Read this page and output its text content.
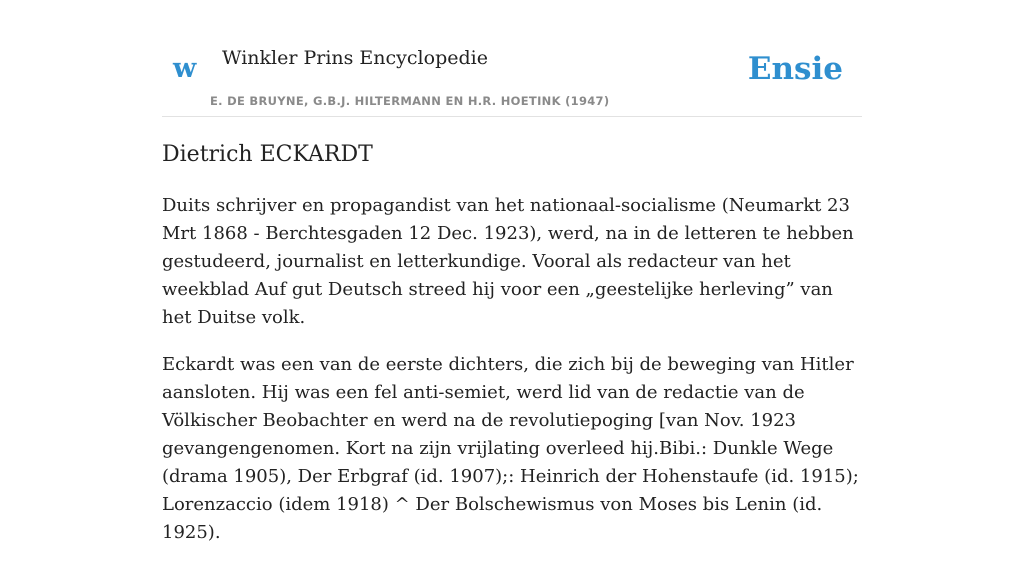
w Winkler Prins Encyclopedie
E. DE BRUYNE, G.B.J. HILTERMANN EN H.R. HOETINK (1947)
Ensie
Dietrich ECKARDT

Duits schrijver en propagandist van het nationaal-socialisme (Neumarkt 23 Mrt 1868 - Berchtesgaden 12 Dec. 1923), werd, na in de letteren te hebben gestudeerd, journalist en letterkundige. Vooral als redacteur van het weekblad Auf gut Deutsch streed hij voor een „geestelijke herleving” van het Duitse volk.

Eckardt was een van de eerste dichters, die zich bij de beweging van Hitler aansloten. Hij was een fel anti-semiet, werd lid van de redactie van de Völkischer Beobachter en werd na de revolutiepoging [van Nov. 1923 gevangengenomen. Kort na zijn vrijlating overleed hij.Bibi.: Dunkle Wege (drama 1905), Der Erbgraf (id. 1907);: Heinrich der Hohenstaufe (id. 1915); Lorenzaccio (idem 1918) ^ Der Bolschewismus von Moses bis Lenin (id. 1925).
